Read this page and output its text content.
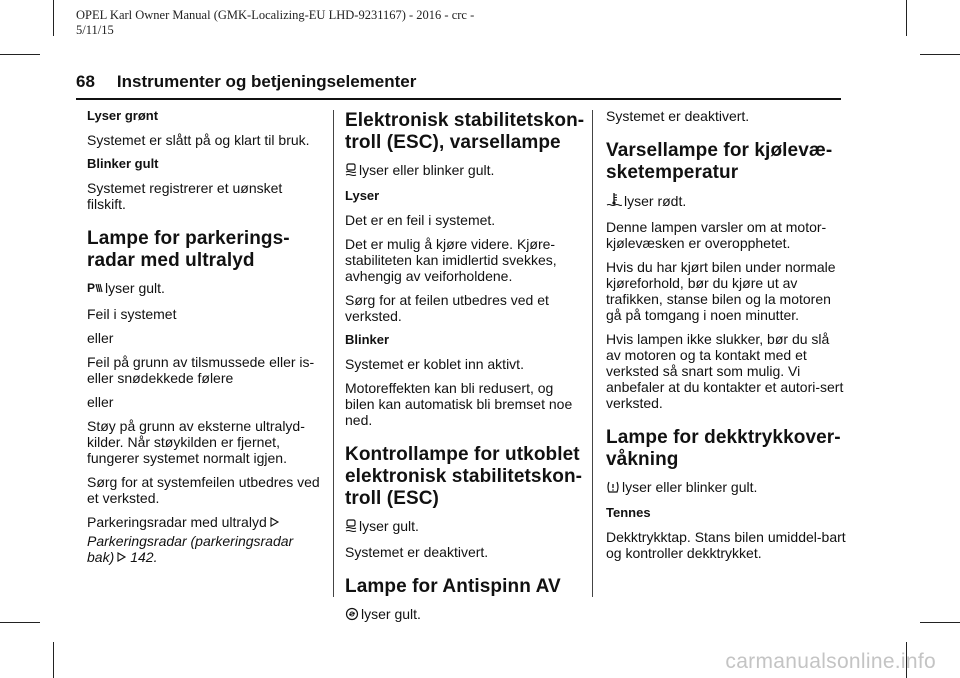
OPEL Karl Owner Manual (GMK-Localizing-EU LHD-9231167) - 2016 - crc -
5/11/15
68 Instrumenter og betjeningselementer
Lyser grønt

Systemet er slått på og klart til bruk.

Blinker gult

Systemet registrerer et uønsket filskift.

Lampe for parkerings-radar med ultralyd

P lyser gult.

Feil i systemet

eller

Feil på grunn av tilsmussede eller is- eller snødekkede følere

eller

Støy på grunn av eksterne ultralyd-kilder. Når støykilden er fjernet, fungerer systemet normalt igjen.

Sørg for at systemfeilen utbedres ved et verksted.

Parkeringsradar med ultralyd

Parkeringsradar (parkeringsradar bak) 142.

Elektronisk stabilitetskon-troll (ESC), varsellampe

lyser eller blinker gult.

Lyser

Det er en feil i systemet.

Det er mulig å kjøre videre. Kjøre-stabiliteten kan imidlertid svekkes, avhengig av veiforholdene.

Sørg for at feilen utbedres ved et verksted.

Blinker

Systemet er koblet inn aktivt.

Motoreffekten kan bli redusert, og bilen kan automatisk bli bremset noe ned.

Kontrollampe for utkoblet elektronisk stabilitetskon-troll (ESC)

lyser gult.

Systemet er deaktivert.

Lampe for Antispinn AV

lyser gult.

Systemet er deaktivert.

Varsellampe for kjølevæ-sketemperatur

lyser rødt.

Denne lampen varsler om at motor-kjølevæsken er overopphetet.

Hvis du har kjørt bilen under normale kjøreforhold, bør du kjøre ut av trafikken, stanse bilen og la motoren gå på tomgang i noen minutter.

Hvis lampen ikke slukker, bør du slå av motoren og ta kontakt med et verksted så snart som mulig. Vi anbefaler at du kontakter et autori-sert verksted.

Lampe for dekktrykkover-våkning

lyser eller blinker gult.

Tennes

Dekktrykktap. Stans bilen umiddel-bart og kontroller dekktrykket.

carmanualsonline.info
